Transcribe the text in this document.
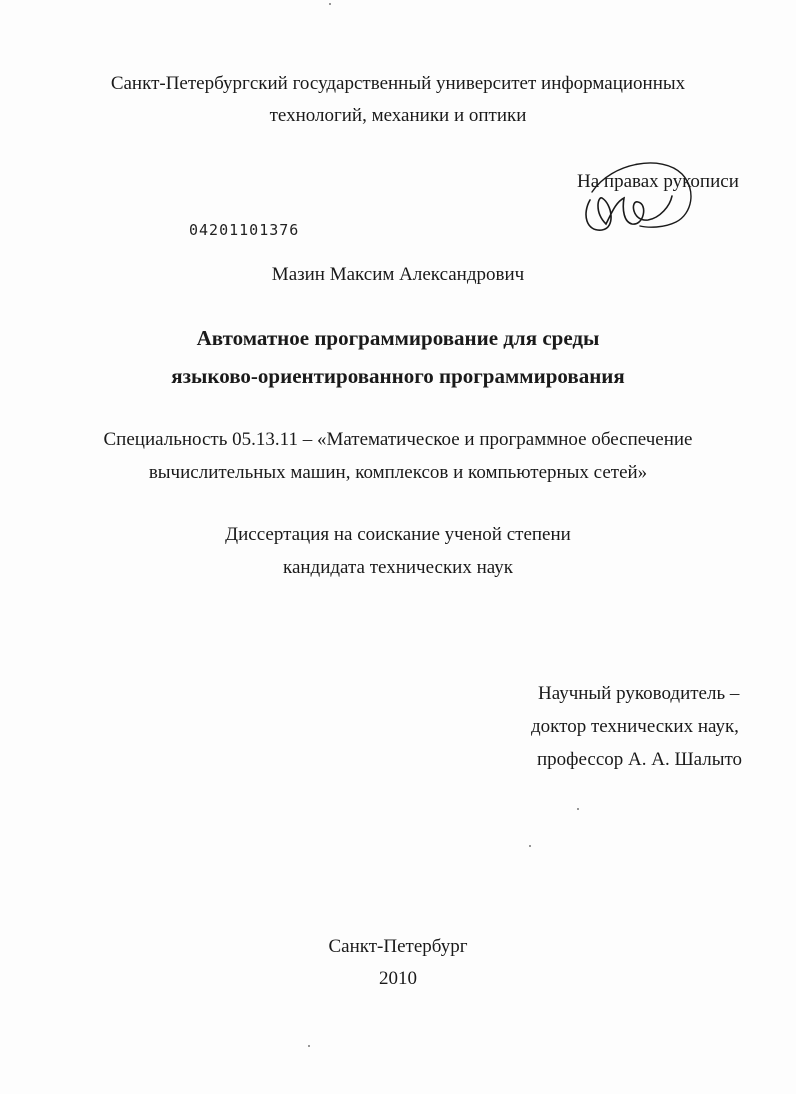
Санкт-Петербургский государственный университет информационных
технологий, механики и оптики
На правах рукописи
04201101376
Мазин Максим Александрович
Автоматное программирование для среды
языково-ориентированного программирования
Специальность 05.13.11 – «Математическое и программное обеспечение
вычислительных машин, комплексов и компьютерных сетей»
Диссертация на соискание ученой степени
кандидата технических наук
Научный руководитель –
доктор технических наук,
профессор А. А. Шалыто
Санкт-Петербург
2010
